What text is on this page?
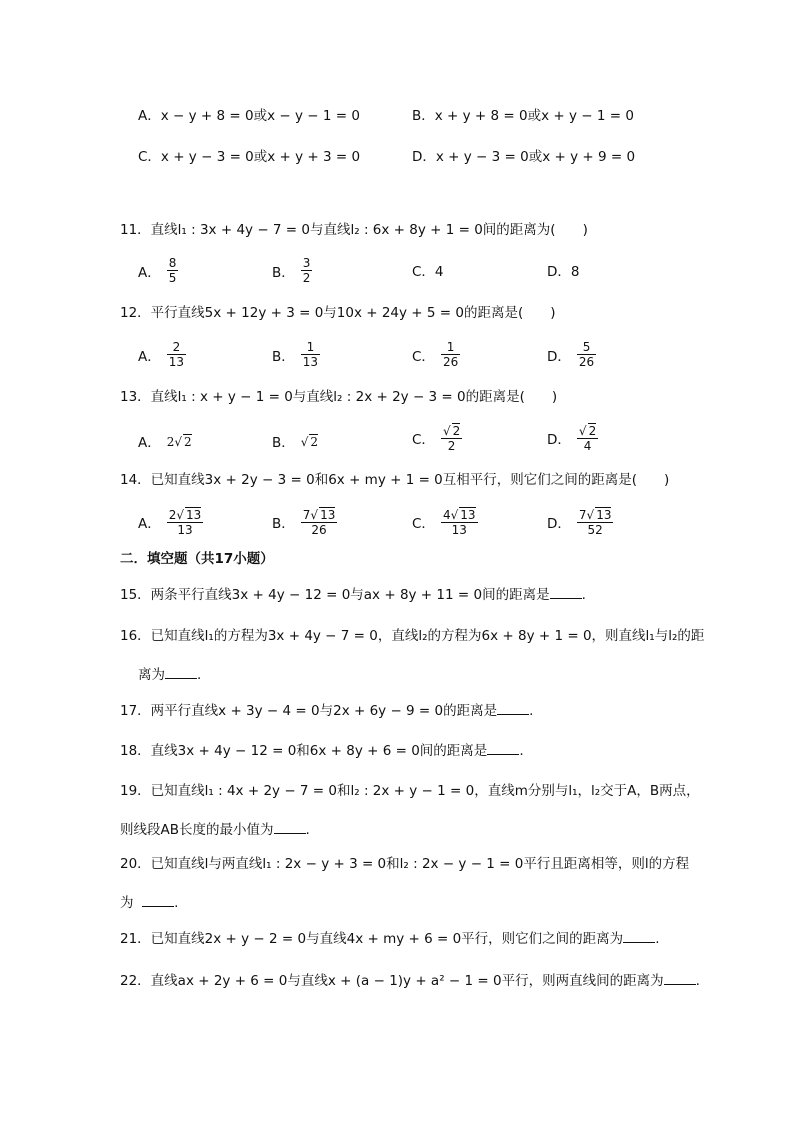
A．x − y + 8 = 0或x − y − 1 = 0	B．x + y + 8 = 0或x + y − 1 = 0
C．x + y − 3 = 0或x + y + 3 = 0	D．x + y − 3 = 0或x + y + 9 = 0
11．直线l₁ : 3x + 4y − 7 = 0与直线l₂ : 6x + 8y + 1 = 0间的距离为(　　)
A． $\frac{8}{5}$	B． $\frac{3}{2}$	C．4	D．8
12．平行直线5x + 12y + 3 = 0与10x + 24y + 5 = 0的距离是(　　)
A． $\frac{2}{13}$	B． $\frac{1}{13}$	C． $\frac{1}{26}$	D． $\frac{5}{26}$
13．直线l₁ : x + y − 1 = 0与直线l₂ : 2x + 2y − 3 = 0的距离是(　　)
A． 2√ 2	B． √ 2	C． $\frac{√ 2}{2}$	D． $\frac{√ 2}{4}$
14．已知直线3x + 2y − 3 = 0和6x + my + 1 = 0互相平行，则它们之间的距离是(　　)
A． $\frac{2√ 13}{13}$	B． $\frac{7√ 13}{26}$	C． $\frac{4√ 13}{13}$	D． $\frac{7√ 13}{52}$
二．填空题（共17小题）
15．两条平行直线3x + 4y − 12 = 0与ax + 8y + 11 = 0间的距离是 .
16．已知直线l₁的方程为3x + 4y − 7 = 0，直线l₂的方程为6x + 8y + 1 = 0，则直线l₁与l₂的距
离为 .
17．两平行直线x + 3y − 4 = 0与2x + 6y − 9 = 0的距离是 .
18．直线3x + 4y − 12 = 0和6x + 8y + 6 = 0间的距离是 .
19．已知直线l₁ : 4x + 2y − 7 = 0和l₂ : 2x + y − 1 = 0，直线m分别与l₁，l₂交于A，B两点，
则线段AB长度的最小值为 .
20．已知直线l与两直线l₁ : 2x − y + 3 = 0和l₂ : 2x − y − 1 = 0平行且距离相等，则l的方程
为	.
21．已知直线2x + y − 2 = 0与直线4x + my + 6 = 0平行，则它们之间的距离为 .
22．直线ax + 2y + 6 = 0与直线x + (a − 1)y + a² − 1 = 0平行，则两直线间的距离为 .
